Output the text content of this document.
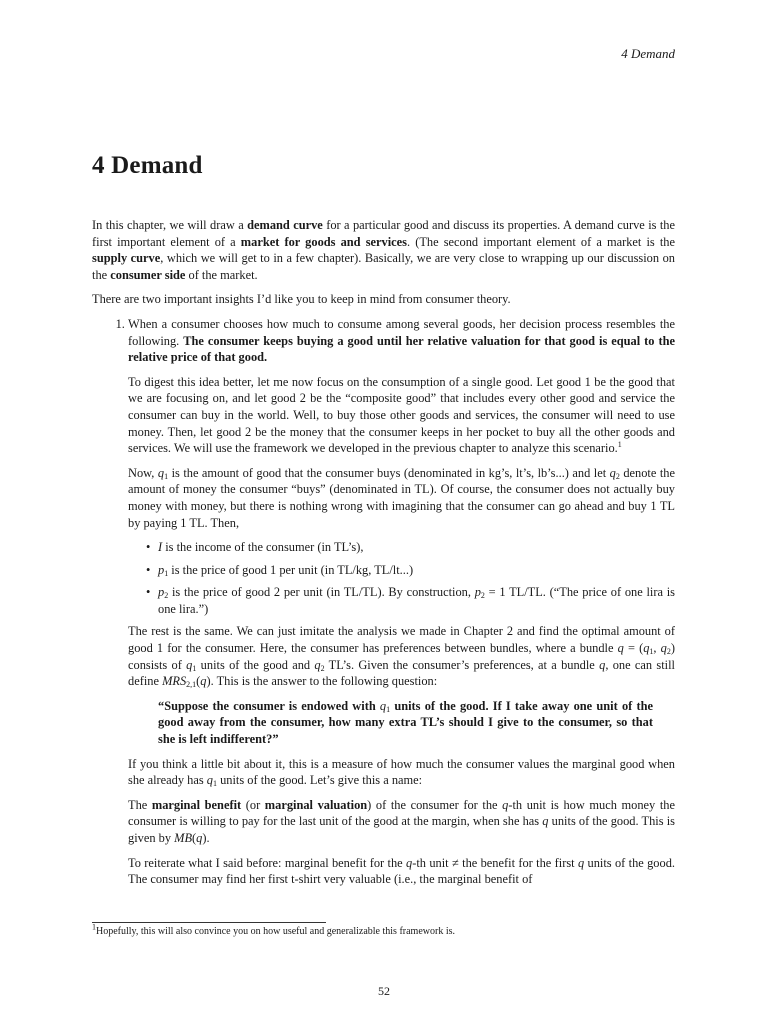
4 Demand
4 Demand

In this chapter, we will draw a demand curve for a particular good and discuss its properties. A demand curve is the first important element of a market for goods and services. (The second important element of a market is the supply curve, which we will get to in a few chapter). Basically, we are very close to wrapping up our discussion on the consumer side of the market.

There are two important insights I’d like you to keep in mind from consumer theory.

1. When a consumer chooses how much to consume among several goods, her decision process resembles the following. The consumer keeps buying a good until her relative valuation for that good is equal to the relative price of that good.

To digest this idea better, let me now focus on the consumption of a single good. Let good 1 be the good that we are focusing on, and let good 2 be the “composite good” that includes every other good and service the consumer can buy in the world. Well, to buy those other goods and services, the consumer will need to use money. Then, let good 2 be the money that the consumer keeps in her pocket to buy all the other goods and services. We will use the framework we developed in the previous chapter to analyze this scenario.$^1$

Now, $q_1$ is the amount of good that the consumer buys (denominated in kg’s, lt’s, lb’s...) and let $q_2$ denote the amount of money the consumer “buys” (denominated in TL). Of course, the consumer does not actually buy money with money, but there is nothing wrong with imagining that the consumer can go ahead and buy 1 TL by paying 1 TL. Then,

• I is the income of the consumer (in TL’s),
• $p_1$ is the price of good 1 per unit (in TL/kg, TL/lt...)
• $p_2$ is the price of good 2 per unit (in TL/TL). By construction, $p_2 = 1$ TL/TL. (“The price of one lira is one lira.”)

The rest is the same. We can just imitate the analysis we made in Chapter 2 and find the optimal amount of good 1 for the consumer. Here, the consumer has preferences between bundles, where a bundle $q = (q_1$, $q_2$) consists of $q_1$ units of the good and $q_2$ TL’s. Given the consumer’s preferences, at a bundle q, one can still define $MRS_{2,1}(q)$. This is the answer to the following question:

“Suppose the consumer is endowed with $q_1$ units of the good. If I take away one unit of the good away from the consumer, how many extra TL’s should I give to the consumer, so that she is left indifferent?”

If you think a little bit about it, this is a measure of how much the consumer values the marginal good when she already has $q_1$ units of the good. Let’s give this a name:

The marginal benefit (or marginal valuation) of the consumer for the q-th unit is how much money the consumer is willing to pay for the last unit of the good at the margin, when she has q units of the good. This is given by MB(q).

To reiterate what I said before: marginal benefit for the q-th unit ≠ the benefit for the first q units of the good. The consumer may find her first t-shirt very valuable (i.e., the marginal benefit of

$^1$Hopefully, this will also convince you on how useful and generalizable this framework is.
52
